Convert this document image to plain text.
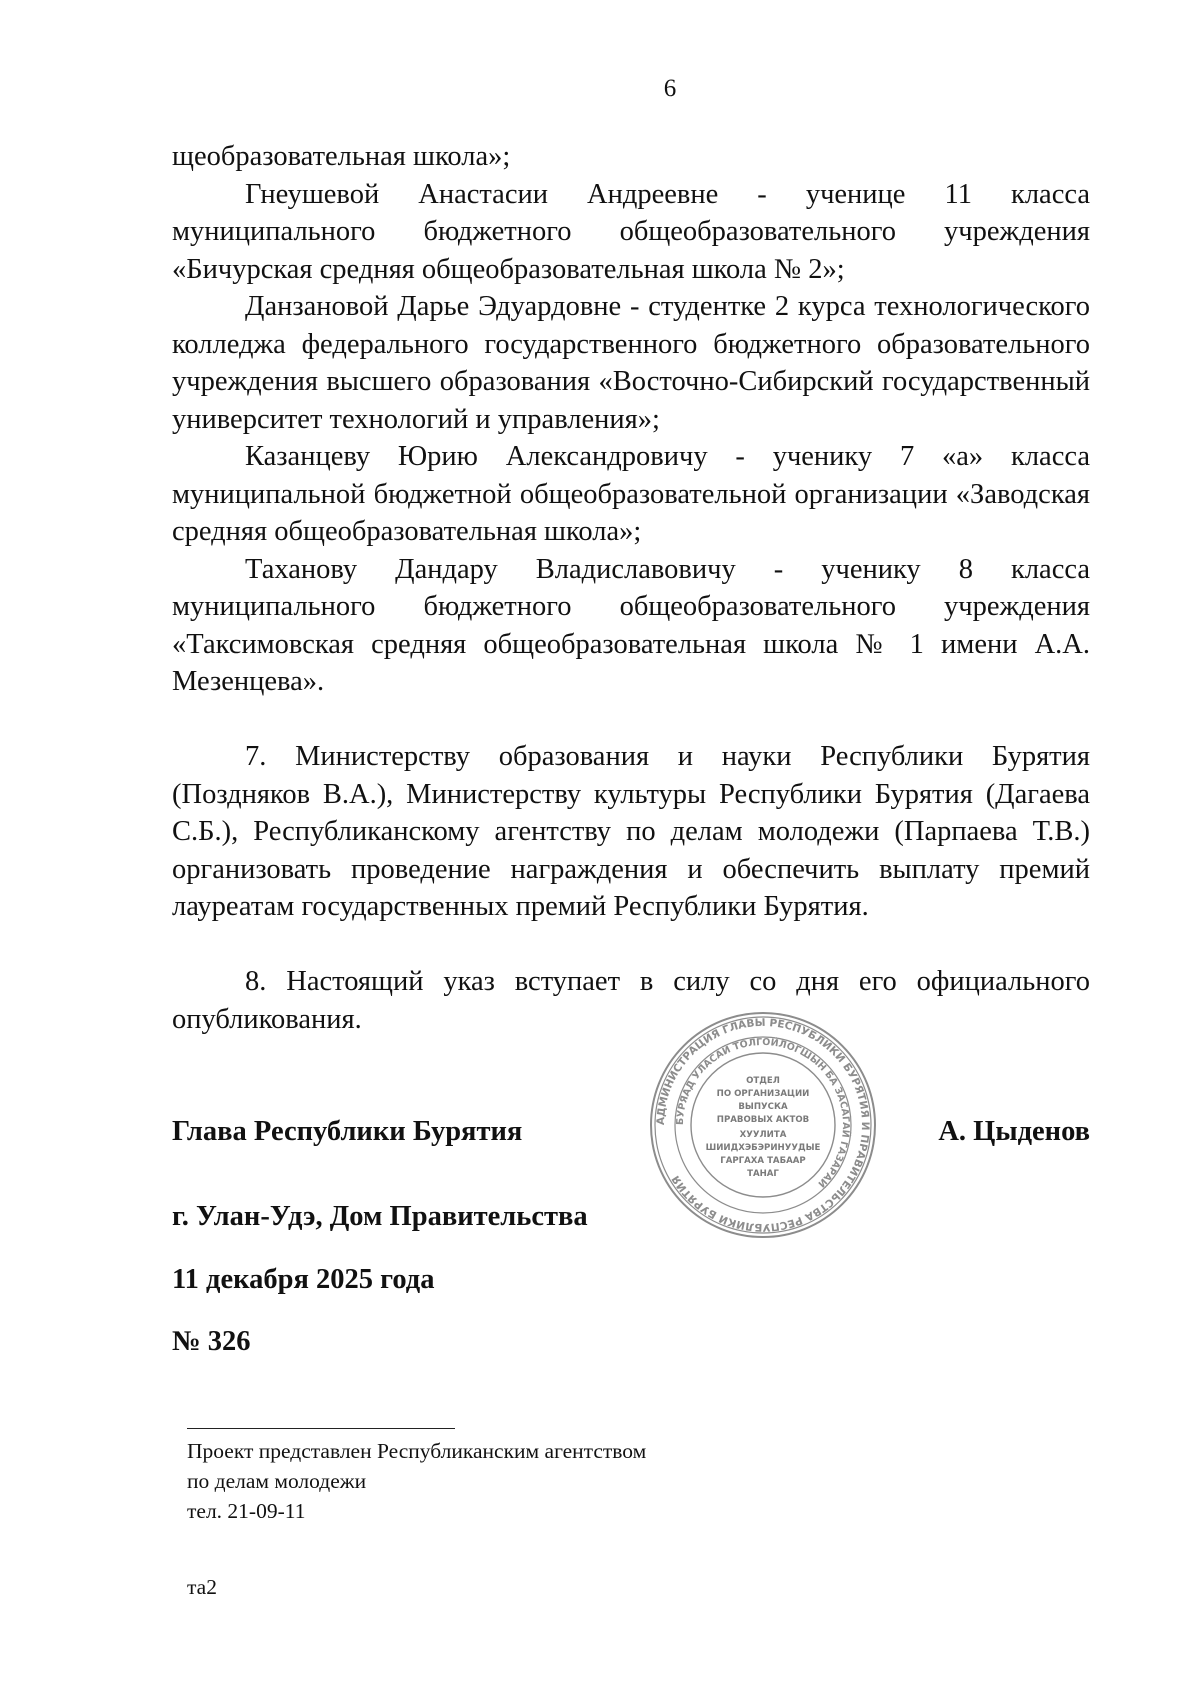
6

щеобразовательная школа»;

Гнеушевой Анастасии Андреевне - ученице 11 класса муниципального бюджетного общеобразовательного учреждения «Бичурская средняя общеобразовательная школа № 2»;

Данзановой Дарье Эдуардовне - студентке 2 курса технологического колледжа федерального государственного бюджетного образовательного учреждения высшего образования «Восточно-Сибирский государственный университет технологий и управления»;

Казанцеву Юрию Александровичу - ученику 7 «а» класса муниципальной бюджетной общеобразовательной организации «Заводская средняя общеобразовательная школа»;

Таханову Дандару Владиславовичу - ученику 8 класса муниципального бюджетного общеобразовательного учреждения «Таксимовская средняя общеобразовательная школа № 1 имени А.А. Мезенцева».

7. Министерству образования и науки Республики Бурятия (Поздняков В.А.), Министерству культуры Республики Бурятия (Дагаева С.Б.), Республиканскому агентству по делам молодежи (Парпаева Т.В.) организовать проведение награждения и обеспечить выплату премий лауреатам государственных премий Республики Бурятия.

8. Настоящий указ вступает в силу со дня его официального опубликования.

Глава Республики Бурятия	А. Цыденов
АДМИНИСТРАЦИЯ ГЛАВЫ РЕСПУБЛИКИ БУРЯТИЯ И ПРАВИТЕЛЬСТВА РЕСПУБЛИКИ БУРЯТИЯ
БУРЯАД УЛАСАЙ ТОЛГОЙЛОГШЫН БА ЗАСАГАЙ ГАЗАРАЙ
ОТДЕЛ
ПО ОРГАНИЗАЦИИ
ВЫПУСКА
ПРАВОВЫХ АКТОВ
ХУУЛИТА
ШИИДХЭБЭРИНУУДЫЕ
ГАРГАХА ТАБААР
ТАНАГ
г. Улан-Удэ, Дом Правительства
11 декабря 2025 года
№ 326
Проект представлен Республиканским агентством
по делам молодежи
тел. 21-09-11
та2
